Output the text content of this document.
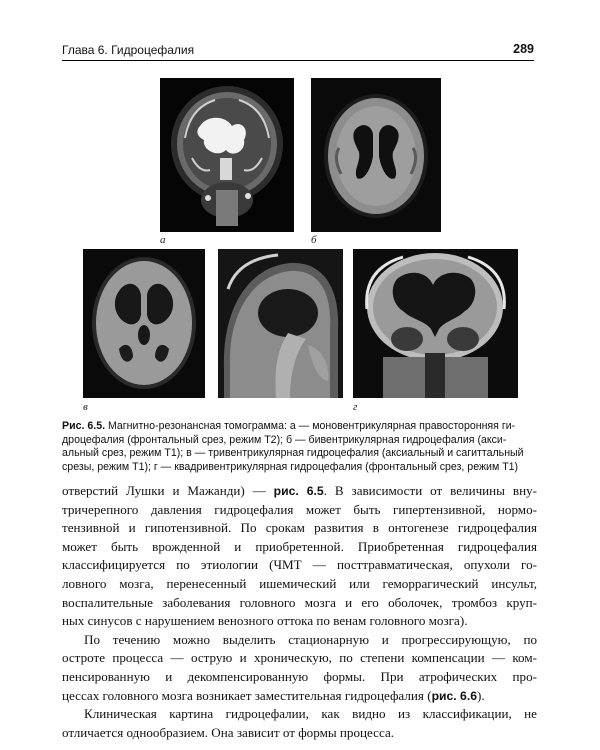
Глава 6. Гидроцефалия	289
а	б
в	г
Рис. 6.5. Магнитно-резонансная томограмма: а — моновентрикулярная правосторонняя ги-
дроцефалия (фронтальный срез, режим Т2); б — бивентрикулярная гидроцефалия (акси-
альный срез, режим Т1); в — тривентрикулярная гидроцефалия (аксиальный и сагиттальный
срезы, режим Т1); г — квадривентрикулярная гидроцефалия (фронтальный срез, режим Т1)
отверстий Лушки и Мажанди) — рис. 6.5. В зависимости от величины вну-
тричерепного давления гидроцефалия может быть гипертензивной, нормо-
тензивной и гипотензивной. По срокам развития в онтогенезе гидроцефалия
может быть врожденной и приобретенной. Приобретенная гидроцефалия
классифицируется по этиологии (ЧМТ — посттравматическая, опухоли го-
ловного мозга, перенесенный ишемический или геморрагический инсульт,
воспалительные заболевания головного мозга и его оболочек, тромбоз круп-
ных синусов с нарушением венозного оттока по венам головного мозга).
По течению можно выделить стационарную и прогрессирующую, по
остроте процесса — острую и хроническую, по степени компенсации — ком-
пенсированную и декомпенсированную формы. При атрофических про-
цессах головного мозга возникает заместительная гидроцефалия (рис. 6.6).
Клиническая картина гидроцефалии, как видно из классификации, не
отличается однообразием. Она зависит от формы процесса.
